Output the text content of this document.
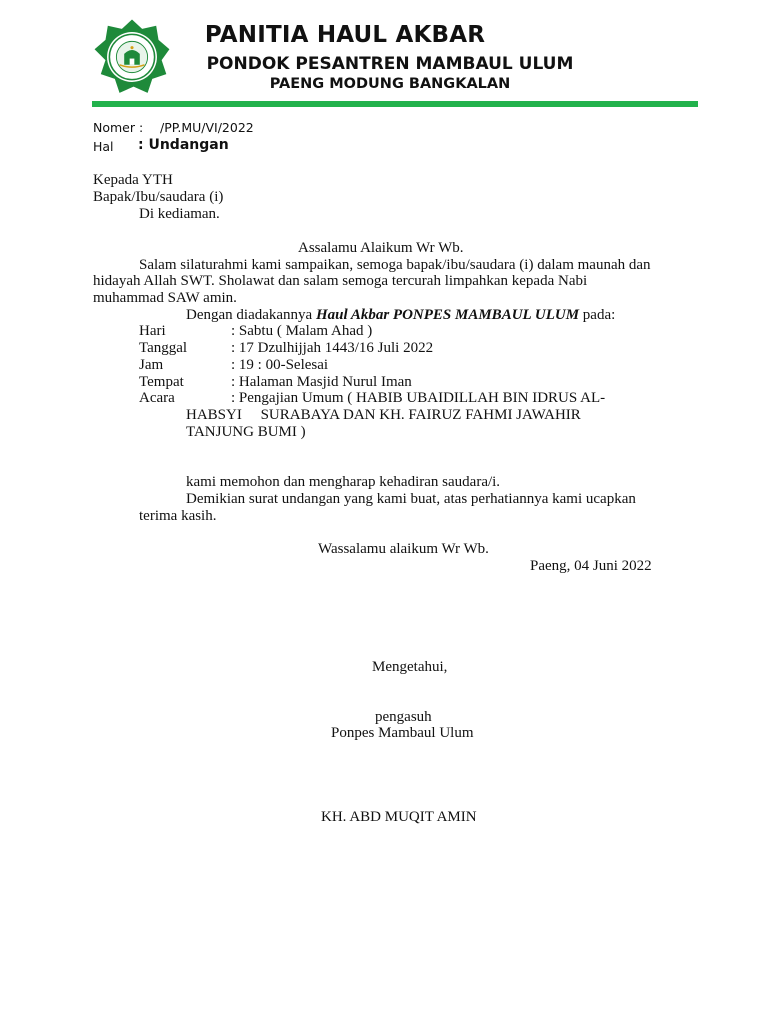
PANITIA HAUL AKBAR
PONDOK PESANTREN MAMBAUL ULUM
PAENG MODUNG BANGKALAN
Nomer : /PP.MU/VI/2022
Hal : Undangan
Kepada YTH
Bapak/Ibu/saudara (i)
Di kediaman.
Assalamu Alaikum Wr Wb.
Salam silaturahmi kami sampaikan, semoga bapak/ibu/saudara (i) dalam maunah dan
hidayah Allah SWT. Sholawat dan salam semoga tercurah limpahkan kepada Nabi
muhammad SAW amin.
Dengan diadakannya Haul Akbar PONPES MAMBAUL ULUM pada:
Hari	: Sabtu ( Malam Ahad )
Tanggal	: 17 Dzulhijjah 1443/16 Juli 2022
Jam	: 19 : 00-Selesai
Tempat	: Halaman Masjid Nurul Iman
Acara	: Pengajian Umum ( HABIB UBAIDILLAH BIN IDRUS AL-
HABSYI     SURABAYA DAN KH. FAIRUZ FAHMI JAWAHIR
TANJUNG BUMI )
kami memohon dan mengharap kehadiran saudara/i.
Demikian surat undangan yang kami buat, atas perhatiannya kami ucapkan
terima kasih.
Wassalamu alaikum Wr Wb.
Paeng, 04 Juni 2022
Mengetahui,
pengasuh
Ponpes Mambaul Ulum
KH. ABD MUQIT AMIN
